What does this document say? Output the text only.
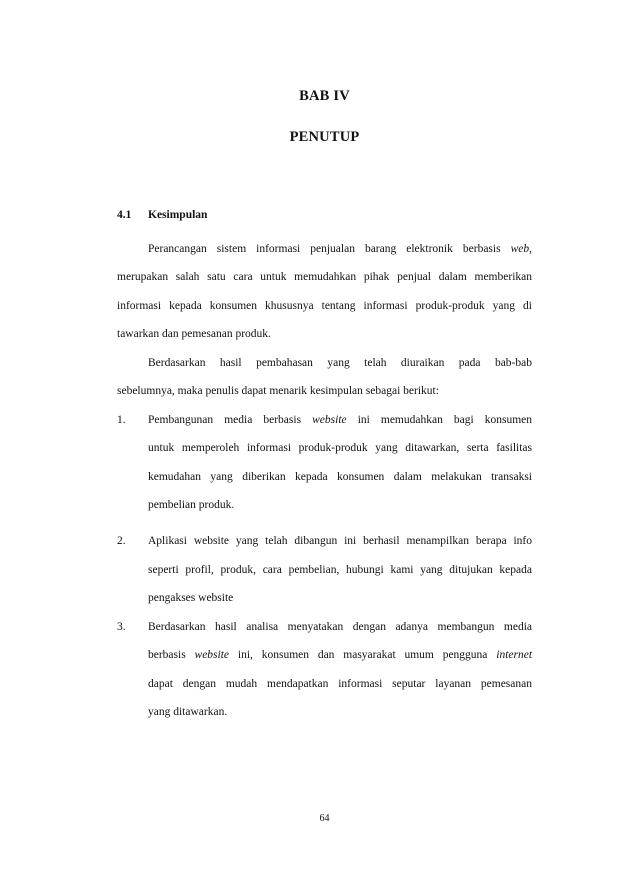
BAB IV
PENUTUP
4.1 Kesimpulan
Perancangan sistem informasi penjualan barang elektronik berbasis web,
merupakan salah satu cara untuk memudahkan pihak penjual dalam memberikan
informasi kepada konsumen khususnya tentang informasi produk-produk yang di
tawarkan dan pemesanan produk.
Berdasarkan hasil pembahasan yang telah diuraikan pada bab-bab
sebelumnya, maka penulis dapat menarik kesimpulan sebagai berikut:
1. Pembangunan media berbasis website ini memudahkan bagi konsumen
untuk memperoleh informasi produk-produk yang ditawarkan, serta fasilitas
kemudahan yang diberikan kepada konsumen dalam melakukan transaksi
pembelian produk.
2. Aplikasi website yang telah dibangun ini berhasil menampilkan berapa info
seperti profil, produk, cara pembelian, hubungi kami yang ditujukan kepada
pengakses website
3. Berdasarkan hasil analisa menyatakan dengan adanya membangun media
berbasis website ini, konsumen dan masyarakat umum pengguna internet
dapat dengan mudah mendapatkan informasi seputar layanan pemesanan
yang ditawarkan.
64
